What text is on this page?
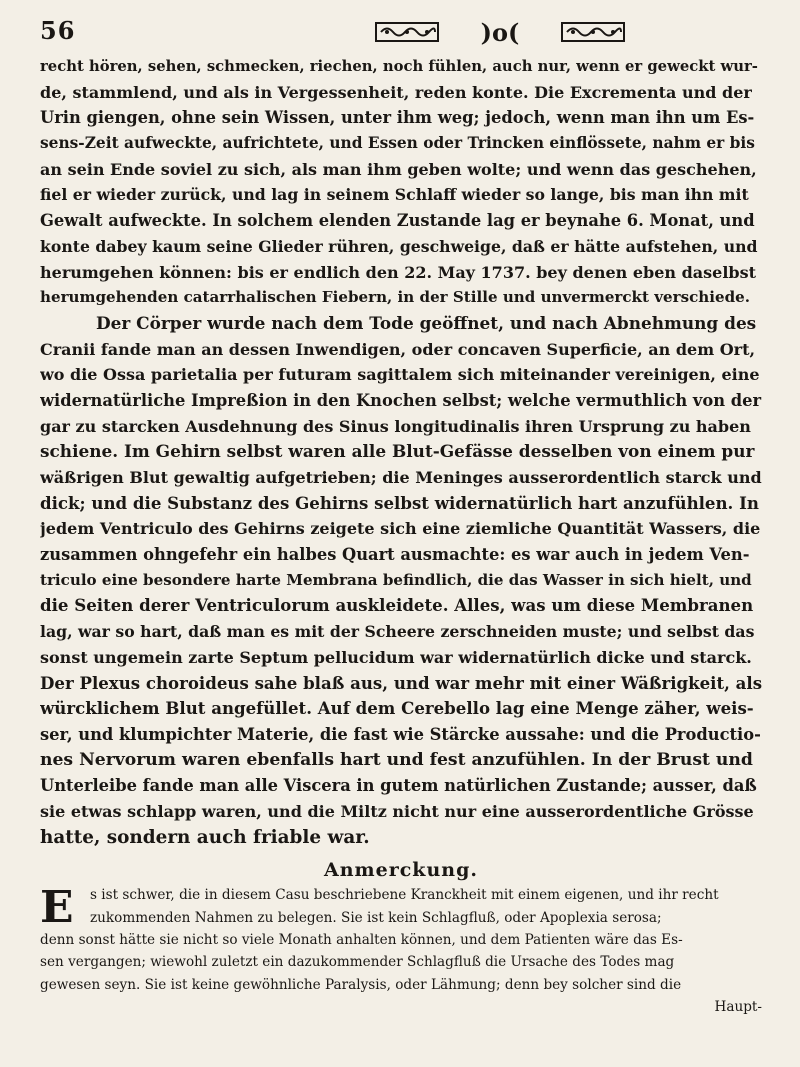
56	)o(
recht hören, sehen, schmecken, riechen, noch fühlen, auch nur, wenn er geweckt wur-
de, stammlend, und als in Vergessenheit, reden konte. Die Excrementa und der
Urin giengen, ohne sein Wissen, unter ihm weg; jedoch, wenn man ihn um Es-
sens-Zeit aufweckte, aufrichtete, und Essen oder Trincken einflössete, nahm er bis
an sein Ende soviel zu sich, als man ihm geben wolte; und wenn das geschehen,
fiel er wieder zurück, und lag in seinem Schlaff wieder so lange, bis man ihn mit
Gewalt aufweckte. In solchem elenden Zustande lag er beynahe 6. Monat, und
konte dabey kaum seine Glieder rühren, geschweige, daß er hätte aufstehen, und
herumgehen können: bis er endlich den 22. May 1737. bey denen eben daselbst
herumgehenden catarrhalischen Fiebern, in der Stille und unvermerckt verschiede.
Der Cörper wurde nach dem Tode geöffnet, und nach Abnehmung des
Cranii fande man an dessen Inwendigen, oder concaven Superficie, an dem Ort,
wo die Ossa parietalia per futuram sagittalem sich miteinander vereinigen, eine
widernatürliche Impreßion in den Knochen selbst; welche vermuthlich von der
gar zu starcken Ausdehnung des Sinus longitudinalis ihren Ursprung zu haben
schiene. Im Gehirn selbst waren alle Blut-Gefässe desselben von einem pur
wäßrigen Blut gewaltig aufgetrieben; die Meninges ausserordentlich starck und
dick; und die Substanz des Gehirns selbst widernatürlich hart anzufühlen. In
jedem Ventriculo des Gehirns zeigete sich eine ziemliche Quantität Wassers, die
zusammen ohngefehr ein halbes Quart ausmachte: es war auch in jedem Ven-
triculo eine besondere harte Membrana befindlich, die das Wasser in sich hielt, und
die Seiten derer Ventriculorum auskleidete. Alles, was um diese Membranen
lag, war so hart, daß man es mit der Scheere zerschneiden muste; und selbst das
sonst ungemein zarte Septum pellucidum war widernatürlich dicke und starck.
Der Plexus choroideus sahe blaß aus, und war mehr mit einer Wäßrigkeit, als
würcklichem Blut angefüllet. Auf dem Cerebello lag eine Menge zäher, weis-
ser, und klumpichter Materie, die fast wie Stärcke aussahe: und die Productio-
nes Nervorum waren ebenfalls hart und fest anzufühlen. In der Brust und
Unterleibe fande man alle Viscera in gutem natürlichen Zustande; ausser, daß
sie etwas schlapp waren, und die Miltz nicht nur eine ausserordentliche Grösse
hatte, sondern auch friable war.
Anmerckung.
E	s ist schwer, die in diesem Casu beschriebene Kranckheit mit einem eigenen, und ihr recht
zukommenden Nahmen zu belegen. Sie ist kein Schlagfluß, oder Apoplexia serosa;
denn sonst hätte sie nicht so viele Monath anhalten können, und dem Patienten wäre das Es-
sen vergangen; wiewohl zuletzt ein dazukommender Schlagfluß die Ursache des Todes mag
gewesen seyn. Sie ist keine gewöhnliche Paralysis, oder Lähmung; denn bey solcher sind die
Haupt-
